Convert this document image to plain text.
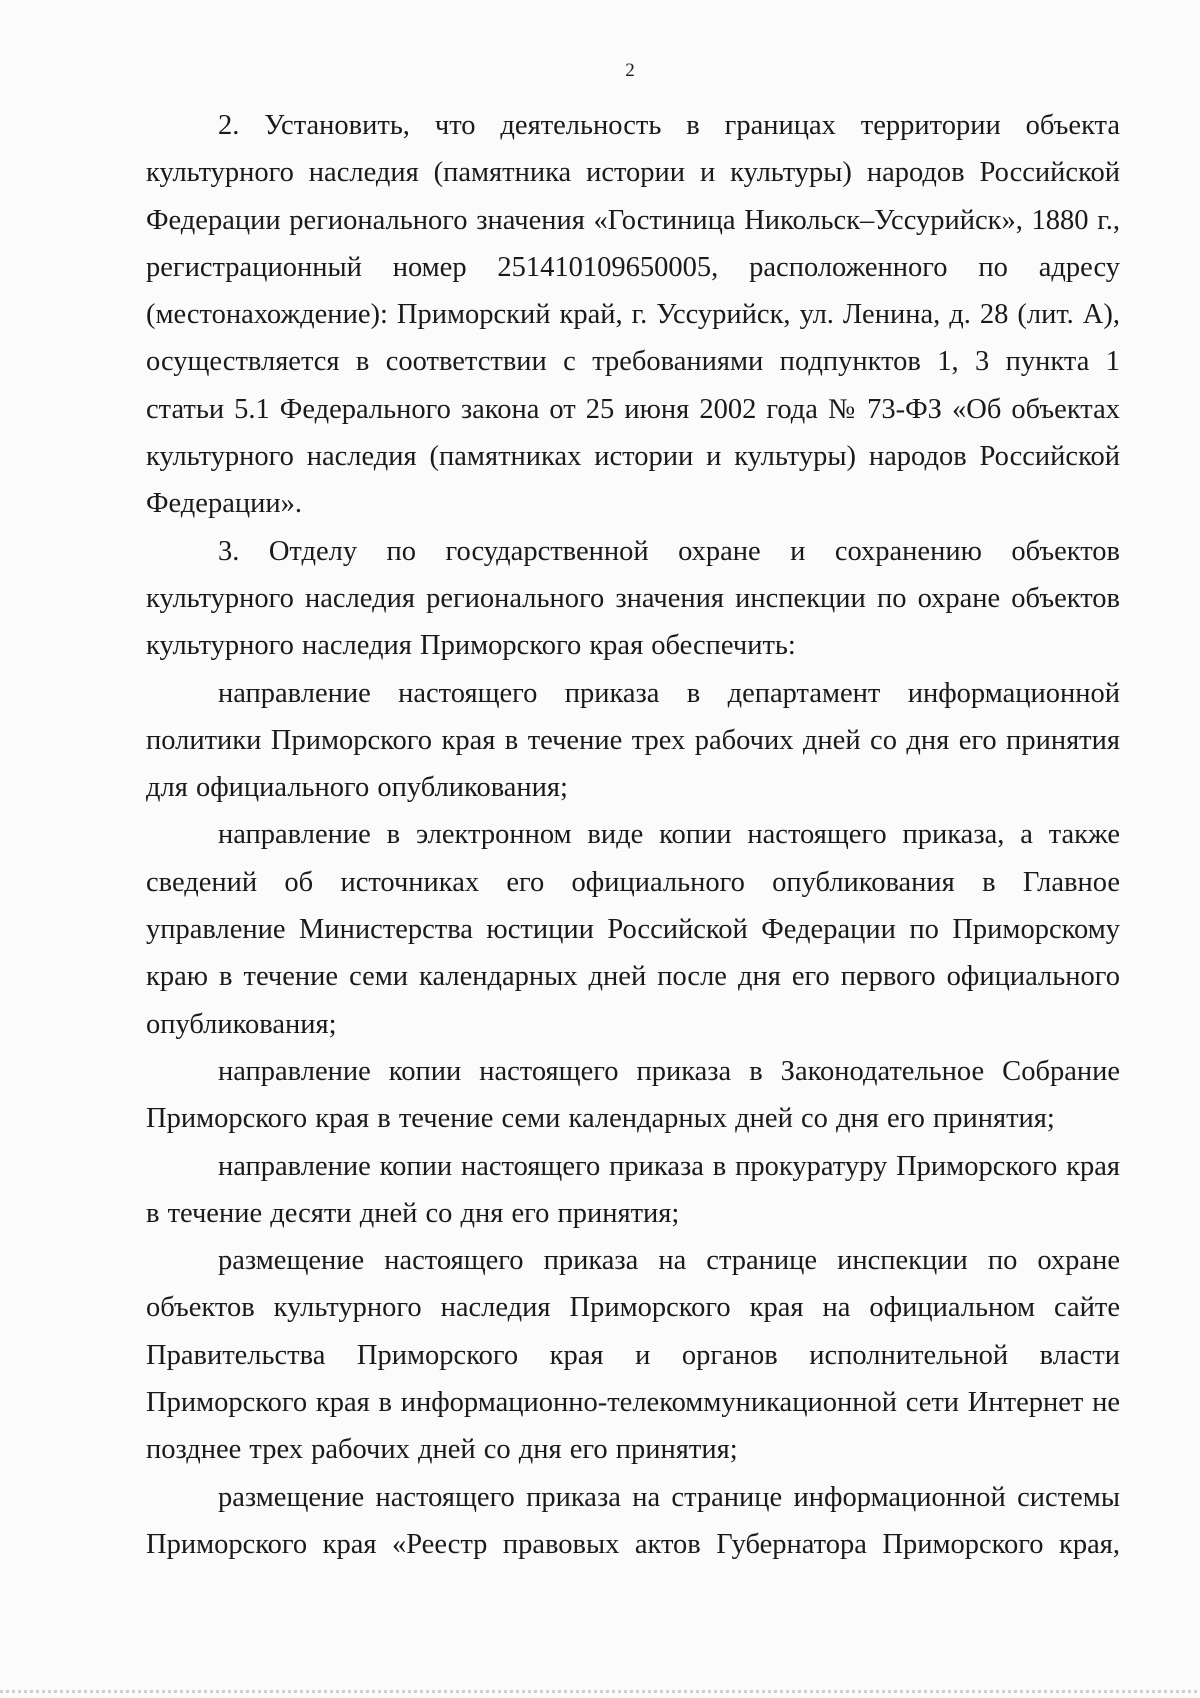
2

2. Установить, что деятельность в границах территории объекта культурного наследия (памятника истории и культуры) народов Российской Федерации регионального значения «Гостиница Никольск–Уссурийск», 1880 г., регистрационный номер 251410109650005, расположенного по адресу (местонахождение): Приморский край, г. Уссурийск, ул. Ленина, д. 28 (лит. А), осуществляется в соответствии с требованиями подпунктов 1, 3 пункта 1 статьи 5.1 Федерального закона от 25 июня 2002 года № 73-ФЗ «Об объектах культурного наследия (памятниках истории и культуры) народов Российской Федерации».

3. Отделу по государственной охране и сохранению объектов культурного наследия регионального значения инспекции по охране объектов культурного наследия Приморского края обеспечить:

направление настоящего приказа в департамент информационной политики Приморского края в течение трех рабочих дней со дня его принятия для официального опубликования;

направление в электронном виде копии настоящего приказа, а также сведений об источниках его официального опубликования в Главное управление Министерства юстиции Российской Федерации по Приморскому краю в течение семи календарных дней после дня его первого официального опубликования;

направление копии настоящего приказа в Законодательное Собрание Приморского края в течение семи календарных дней со дня его принятия;

направление копии настоящего приказа в прокуратуру Приморского края в течение десяти дней со дня его принятия;

размещение настоящего приказа на странице инспекции по охране объектов культурного наследия Приморского края на официальном сайте Правительства Приморского края и органов исполнительной власти Приморского края в информационно-телекоммуникационной сети Интернет не позднее трех рабочих дней со дня его принятия;

размещение настоящего приказа на странице информационной системы Приморского края «Реестр правовых актов Губернатора Приморского края,
